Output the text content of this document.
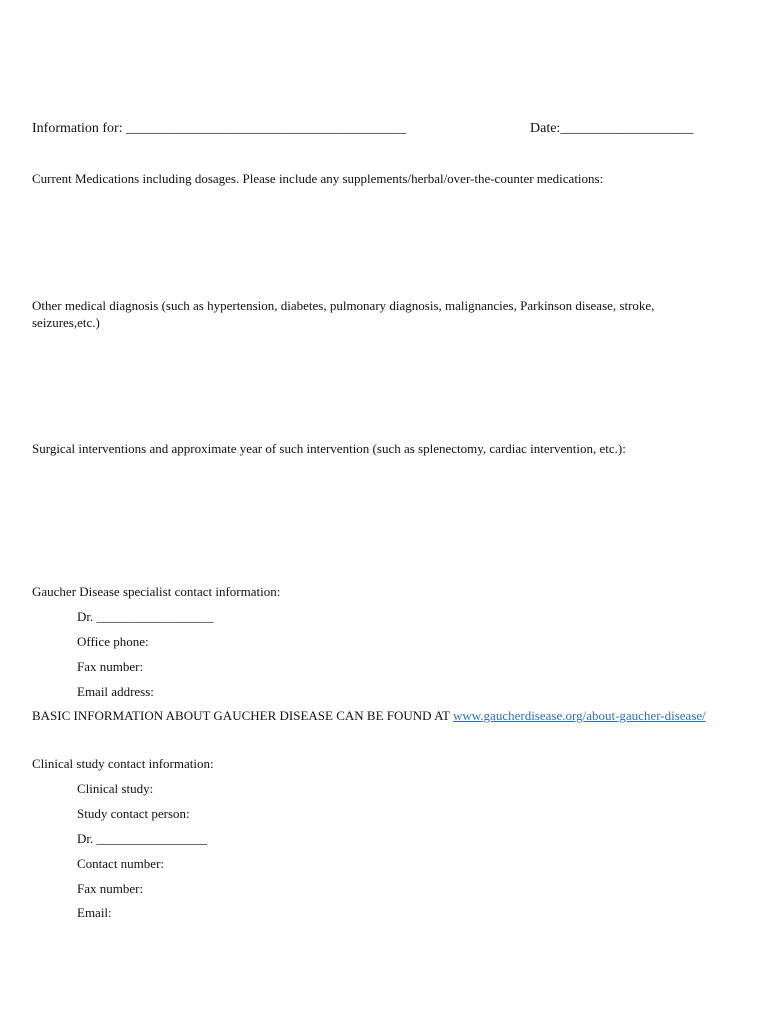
Information for: ________________________________________	Date:___________________
Current Medications including dosages. Please include any supplements/herbal/over-the-counter medications:
Other medical diagnosis (such as hypertension, diabetes, pulmonary diagnosis, malignancies, Parkinson disease, stroke, seizures,etc.)
Surgical interventions and approximate year of such intervention (such as splenectomy, cardiac intervention, etc.):
Gaucher Disease specialist contact information:
Dr. __________________
Office phone:
Fax number:
Email address:
BASIC INFORMATION ABOUT GAUCHER DISEASE CAN BE FOUND AT www.gaucherdisease.org/about-gaucher-disease/
Clinical study contact information:
Clinical study:
Study contact person:
Dr. _________________
Contact number:
Fax number:
Email:
